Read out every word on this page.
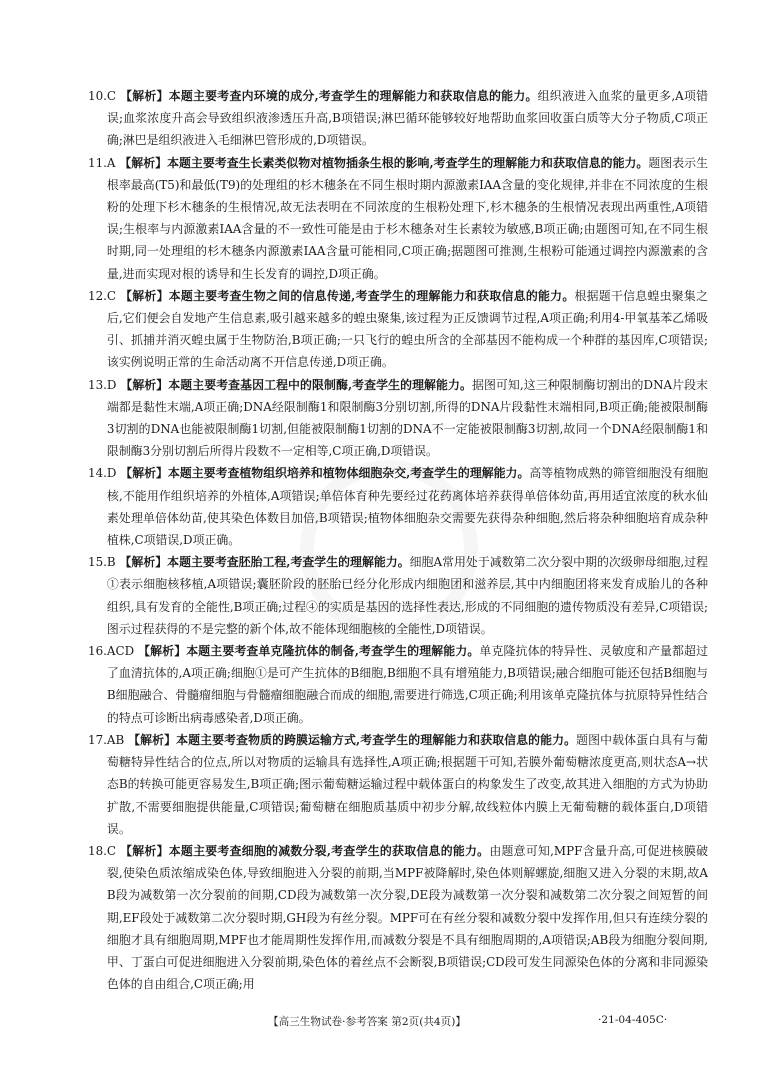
10. C 【解析】本题主要考查内环境的成分,考查学生的理解能力和获取信息的能力。组织液进入血浆的量更多,A项错误;血浆浓度升高会导致组织液渗透压升高,B项错误;淋巴循环能够较好地帮助血浆回收蛋白质等大分子物质,C项正确;淋巴是组织液进入毛细淋巴管形成的,D项错误。
11. A 【解析】本题主要考查生长素类似物对植物插条生根的影响,考查学生的理解能力和获取信息的能力。题图表示生根率最高(T5)和最低(T9)的处理组的杉木穗条在不同生根时期内源激素IAA含量的变化规律,并非在不同浓度的生根粉的处理下杉木穗条的生根情况,故无法表明在不同浓度的生根粉处理下,杉木穗条的生根情况表现出两重性,A项错误;生根率与内源激素IAA含量的不一致性可能是由于杉木穗条对生长素较为敏感,B项正确;由题图可知,在不同生根时期,同一处理组的杉木穗条内源激素IAA含量可能相同,C项正确;据题图可推测,生根粉可能通过调控内源激素的含量,进而实现对根的诱导和生长发育的调控,D项正确。
12. C 【解析】本题主要考查生物之间的信息传递,考查学生的理解能力和获取信息的能力。根据题干信息蝗虫聚集之后,它们便会自发地产生信息素,吸引越来越多的蝗虫聚集,该过程为正反馈调节过程,A项正确;利用4-甲氧基苯乙烯吸引、抓捕并消灭蝗虫属于生物防治,B项正确;一只飞行的蝗虫所含的全部基因不能构成一个种群的基因库,C项错误;该实例说明正常的生命活动离不开信息传递,D项正确。
13. D 【解析】本题主要考查基因工程中的限制酶,考查学生的理解能力。据图可知,这三种限制酶切割出的DNA片段末端都是黏性末端,A项正确;DNA经限制酶1和限制酶3分别切割,所得的DNA片段黏性末端相同,B项正确;能被限制酶3切割的DNA也能被限制酶1切割,但能被限制酶1切割的DNA不一定能被限制酶3切割,故同一个DNA经限制酶1和限制酶3分别切割后所得片段数不一定相等,C项正确,D项错误。
14. D 【解析】本题主要考查植物组织培养和植物体细胞杂交,考查学生的理解能力。高等植物成熟的筛管细胞没有细胞核,不能用作组织培养的外植体,A项错误;单倍体育种先要经过花药离体培养获得单倍体幼苗,再用适宜浓度的秋水仙素处理单倍体幼苗,使其染色体数目加倍,B项错误;植物体细胞杂交需要先获得杂种细胞,然后将杂种细胞培育成杂种植株,C项错误,D项正确。
15. B 【解析】本题主要考查胚胎工程,考查学生的理解能力。细胞A常用处于减数第二次分裂中期的次级卵母细胞,过程①表示细胞核移植,A项错误;囊胚阶段的胚胎已经分化形成内细胞团和滋养层,其中内细胞团将来发育成胎儿的各种组织,具有发育的全能性,B项正确;过程④的实质是基因的选择性表达,形成的不同细胞的遗传物质没有差异,C项错误;图示过程获得的不是完整的新个体,故不能体现细胞核的全能性,D项错误。
16. ACD 【解析】本题主要考查单克隆抗体的制备,考查学生的理解能力。单克隆抗体的特异性、灵敏度和产量都超过了血清抗体的,A项正确;细胞①是可产生抗体的B细胞,B细胞不具有增殖能力,B项错误;融合细胞可能还包括B细胞与B细胞融合、骨髓瘤细胞与骨髓瘤细胞融合而成的细胞,需要进行筛选,C项正确;利用该单克隆抗体与抗原特异性结合的特点可诊断出病毒感染者,D项正确。
17. AB 【解析】本题主要考查物质的跨膜运输方式,考查学生的理解能力和获取信息的能力。题图中载体蛋白具有与葡萄糖特异性结合的位点,所以对物质的运输具有选择性,A项正确;根据题干可知,若膜外葡萄糖浓度更高,则状态A→状态B的转换可能更容易发生,B项正确;图示葡萄糖运输过程中载体蛋白的构象发生了改变,故其进入细胞的方式为协助扩散,不需要细胞提供能量,C项错误;葡萄糖在细胞质基质中初步分解,故线粒体内膜上无葡萄糖的载体蛋白,D项错误。
18. C 【解析】本题主要考查细胞的减数分裂,考查学生的获取信息的能力。由题意可知,MPF含量升高,可促进核膜破裂,使染色质浓缩成染色体,导致细胞进入分裂的前期,当MPF被降解时,染色体则解螺旋,细胞又进入分裂的末期,故AB段为减数第一次分裂前的间期,CD段为减数第一次分裂,DE段为减数第一次分裂和减数第二次分裂之间短暂的间期,EF段处于减数第二次分裂时期,GH段为有丝分裂。MPF可在有丝分裂和减数分裂中发挥作用,但只有连续分裂的细胞才具有细胞周期,MPF也才能周期性发挥作用,而减数分裂是不具有细胞周期的,A项错误;AB段为细胞分裂间期,甲、丁蛋白可促进细胞进入分裂前期,染色体的着丝点不会断裂,B项错误;CD段可发生同源染色体的分离和非同源染色体的自由组合,C项正确;用
【高三生物试卷·参考答案 第2页(共4页)】	·21-04-405C·
